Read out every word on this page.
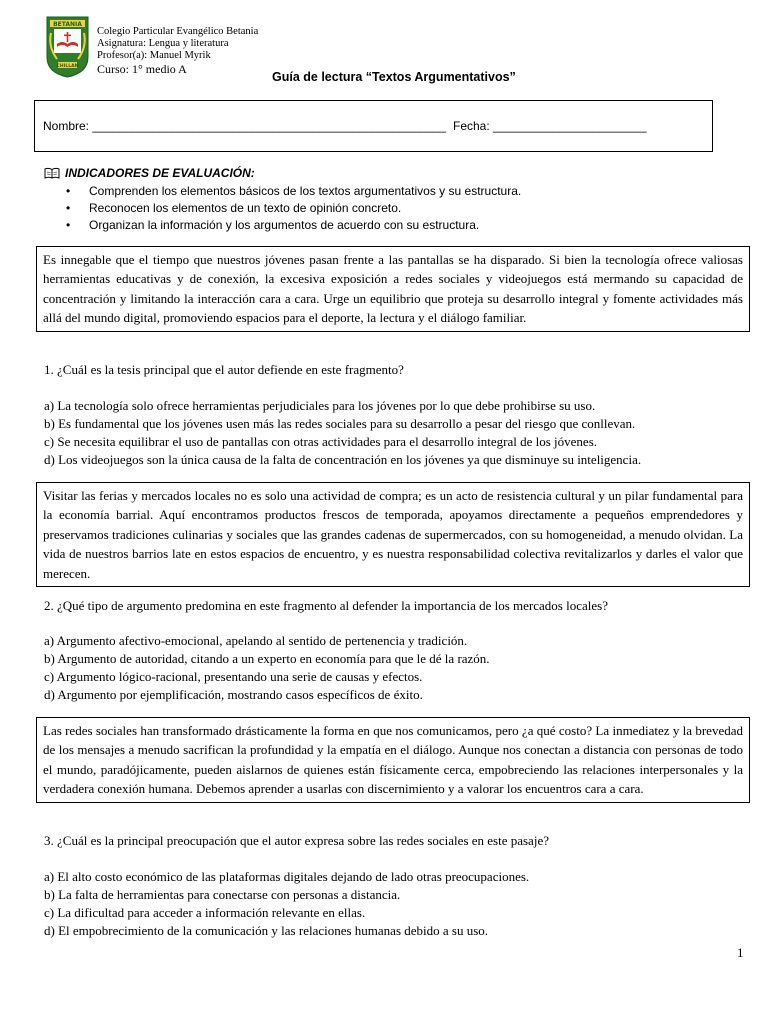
BETANIA
CHILLAN
Colegio Particular Evangélico Betania
Asignatura: Lengua y literatura
Profesor(a): Manuel Myrik
Curso: 1° medio A
Guía de lectura “Textos Argumentativos”
Nombre: _____________________________________________________ Fecha: _______________________
INDICADORES DE EVALUACIÓN:
• Comprenden los elementos básicos de los textos argumentativos y su estructura.
• Reconocen los elementos de un texto de opinión concreto.
• Organizan la información y los argumentos de acuerdo con su estructura.
Es innegable que el tiempo que nuestros jóvenes pasan frente a las pantallas se ha disparado. Si bien la tecnología ofrece valiosas herramientas educativas y de conexión, la excesiva exposición a redes sociales y videojuegos está mermando su capacidad de concentración y limitando la interacción cara a cara. Urge un equilibrio que proteja su desarrollo integral y fomente actividades más allá del mundo digital, promoviendo espacios para el deporte, la lectura y el diálogo familiar.
1. ¿Cuál es la tesis principal que el autor defiende en este fragmento?
a) La tecnología solo ofrece herramientas perjudiciales para los jóvenes por lo que debe prohibirse su uso.
b) Es fundamental que los jóvenes usen más las redes sociales para su desarrollo a pesar del riesgo que conllevan.
c) Se necesita equilibrar el uso de pantallas con otras actividades para el desarrollo integral de los jóvenes.
d) Los videojuegos son la única causa de la falta de concentración en los jóvenes ya que disminuye su inteligencia.
Visitar las ferias y mercados locales no es solo una actividad de compra; es un acto de resistencia cultural y un pilar fundamental para la economía barrial. Aquí encontramos productos frescos de temporada, apoyamos directamente a pequeños emprendedores y preservamos tradiciones culinarias y sociales que las grandes cadenas de supermercados, con su homogeneidad, a menudo olvidan. La vida de nuestros barrios late en estos espacios de encuentro, y es nuestra responsabilidad colectiva revitalizarlos y darles el valor que merecen.
2. ¿Qué tipo de argumento predomina en este fragmento al defender la importancia de los mercados locales?
a) Argumento afectivo-emocional, apelando al sentido de pertenencia y tradición.
b) Argumento de autoridad, citando a un experto en economía para que le dé la razón.
c) Argumento lógico-racional, presentando una serie de causas y efectos.
d) Argumento por ejemplificación, mostrando casos específicos de éxito.
Las redes sociales han transformado drásticamente la forma en que nos comunicamos, pero ¿a qué costo? La inmediatez y la brevedad de los mensajes a menudo sacrifican la profundidad y la empatía en el diálogo. Aunque nos conectan a distancia con personas de todo el mundo, paradójicamente, pueden aislarnos de quienes están físicamente cerca, empobreciendo las relaciones interpersonales y la verdadera conexión humana. Debemos aprender a usarlas con discernimiento y a valorar los encuentros cara a cara.
3. ¿Cuál es la principal preocupación que el autor expresa sobre las redes sociales en este pasaje?
a) El alto costo económico de las plataformas digitales dejando de lado otras preocupaciones.
b) La falta de herramientas para conectarse con personas a distancia.
c) La dificultad para acceder a información relevante en ellas.
d) El empobrecimiento de la comunicación y las relaciones humanas debido a su uso.
1
